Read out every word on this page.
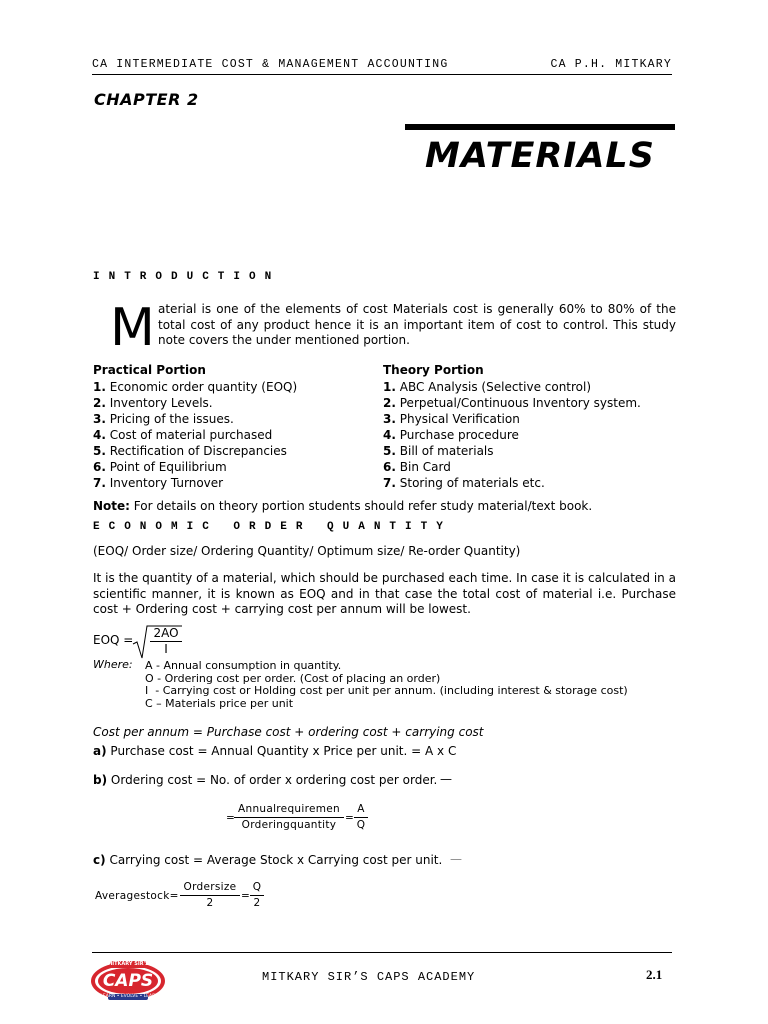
CA INTERMEDIATE COST & MANAGEMENT ACCOUNTING	CA P.H. MITKARY
CHAPTER 2
MATERIALS
INTRODUCTION
M aterial is one of the elements of cost Materials cost is generally 60% to 80% of the total cost of any product hence it is an important item of cost to control. This study note covers the under mentioned portion.
Practical Portion
1. Economic order quantity (EOQ)
2. Inventory Levels.
3. Pricing of the issues.
4. Cost of material purchased
5. Rectification of Discrepancies
6. Point of Equilibrium
7. Inventory Turnover
Theory Portion
1. ABC Analysis (Selective control)
2. Perpetual/Continuous Inventory system.
3. Physical Verification
4. Purchase procedure
5. Bill of materials
6. Bin Card
7. Storing of materials etc.
Note: For details on theory portion students should refer study material/text book.
ECONOMIC ORDER QUANTITY
(EOQ/ Order size/ Ordering Quantity/ Optimum size/ Re-order Quantity)
It is the quantity of a material, which should be purchased each time. In case it is calculated in a scientific manner, it is known as EOQ and in that case the total cost of material i.e. Purchase cost + Ordering cost + carrying cost per annum will be lowest.
EOQ = $\frac{2AO}{I}$
Where: A - Annual consumption in quantity.
O - Ordering cost per order. (Cost of placing an order)
I  - Carrying cost or Holding cost per unit per annum. (including interest & storage cost)
C – Materials price per unit
Cost per annum = Purchase cost + ordering cost + carrying cost
a) Purchase cost = Annual Quantity x Price per unit. = A x C
b) Ordering cost = No. of order x ordering cost per order. —
=
Annualrequiremen
Orderingquantity
= $\frac{A}{Q}$
c) Carrying cost = Average Stock x Carrying cost per unit. —
Averagestock=
Ordersize
2
= $\frac{Q}{2}$
MITKARY SIR'S
CAPS
LEARN • EVOLVE • LEAD
MITKARY SIR’S CAPS ACADEMY	2.1
